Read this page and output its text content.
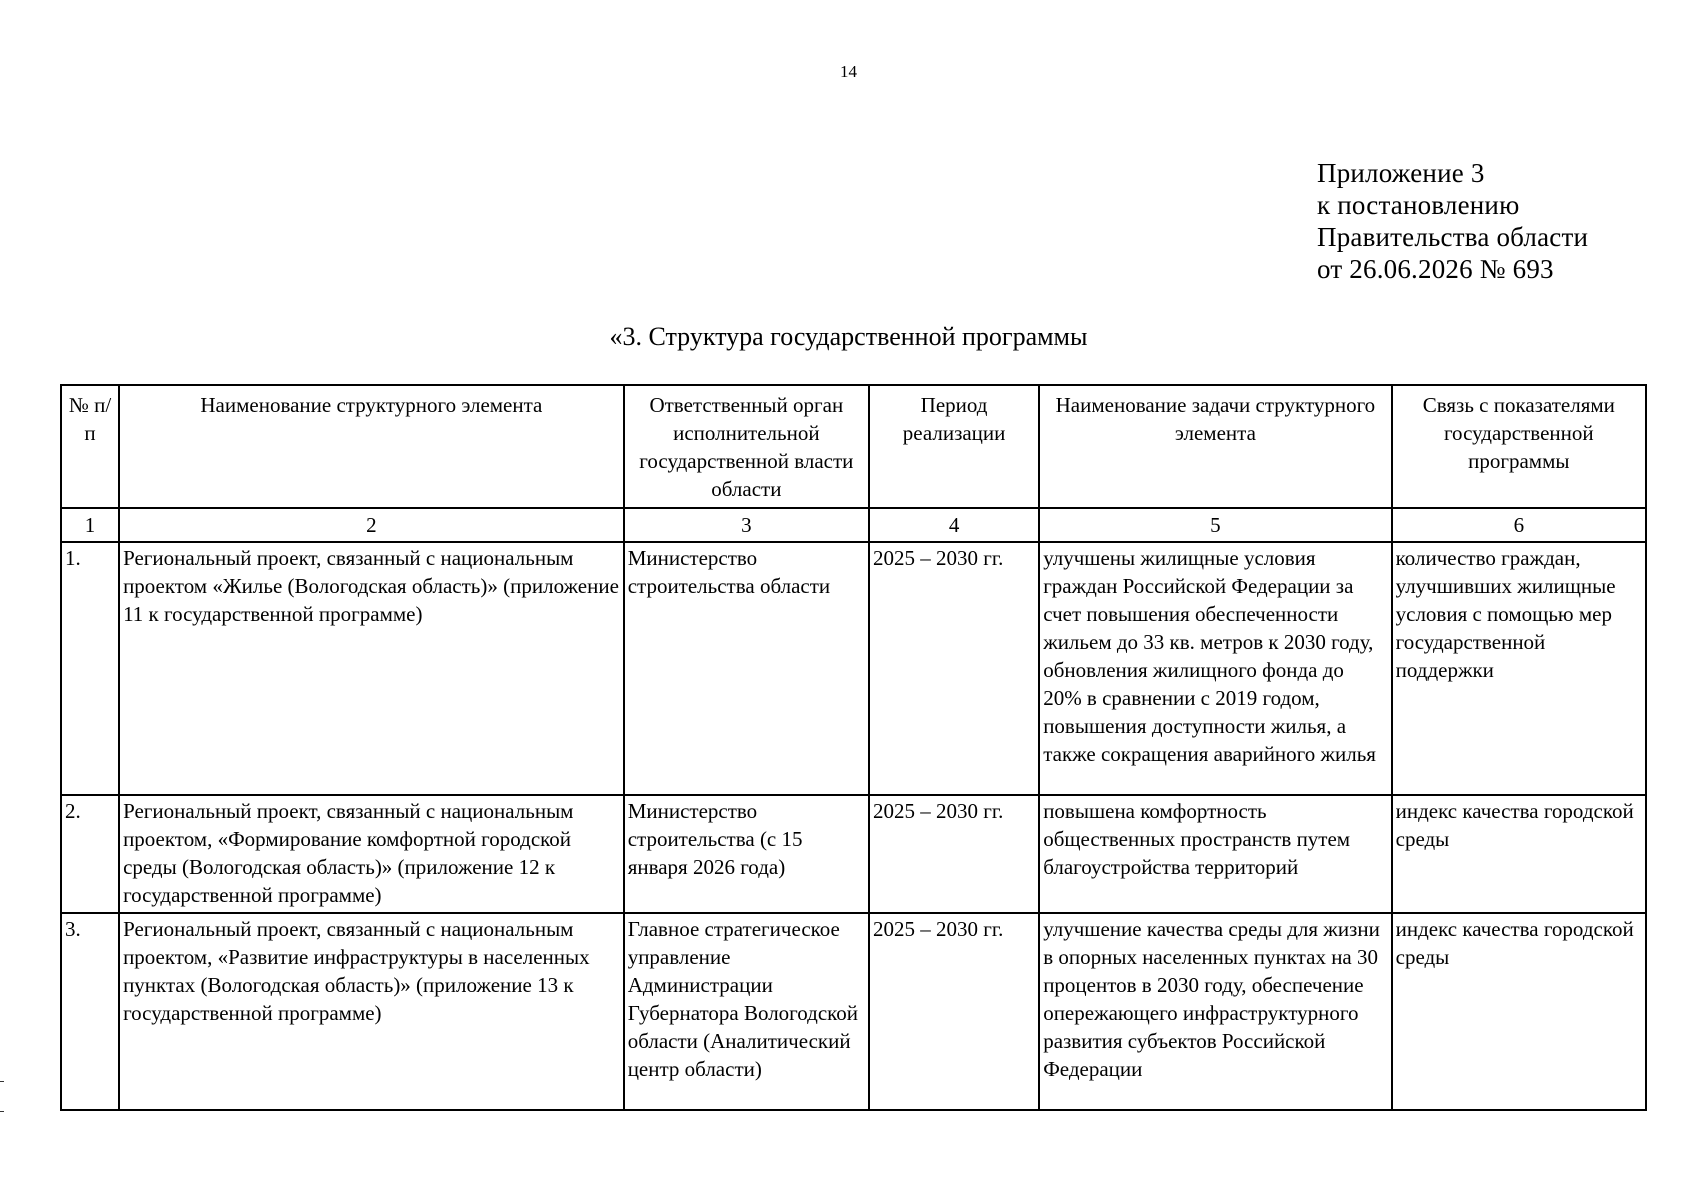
14
Приложение 3
к постановлению
Правительства области
от 26.06.2026 № 693
«3. Структура государственной программы
№ п/п	Наименование структурного элемента	Ответственный орган исполнительной государственной власти области	Период реализации	Наименование задачи структурного элемента	Связь с показателями государственной программы
1	2	3	4	5	6
1.	Региональный проект, связанный с национальным проектом «Жилье (Вологодская область)» (приложение 11 к государственной программе)	Министерство строительства области	2025 – 2030 гг.	улучшены жилищные условия граждан Российской Федерации за счет повышения обеспеченности жильем до 33 кв. метров к 2030 году, обновления жилищного фонда до 20% в сравнении с 2019 годом, повышения доступности жилья, а также сокращения аварийного жилья	количество граждан, улучшивших жилищные условия с помощью мер государственной поддержки
2.	Региональный проект, связанный с национальным проектом, «Формирование комфортной городской среды (Вологодская область)» (приложение 12 к государственной программе)	Министерство строительства (с 15 января 2026 года)	2025 – 2030 гг.	повышена комфортность общественных пространств путем благоустройства территорий	индекс качества городской среды
3.	Региональный проект, связанный с национальным проектом, «Развитие инфраструктуры в населенных пунктах (Вологодская область)» (приложение 13 к государственной программе)	Главное стратегическое управление Администрации Губернатора Вологодской области (Аналитический центр области)	2025 – 2030 гг.	улучшение качества среды для жизни в опорных населенных пунктах на 30 процентов в 2030 году, обеспечение опережающего инфраструктурного развития субъектов Российской Федерации	индекс качества городской среды
